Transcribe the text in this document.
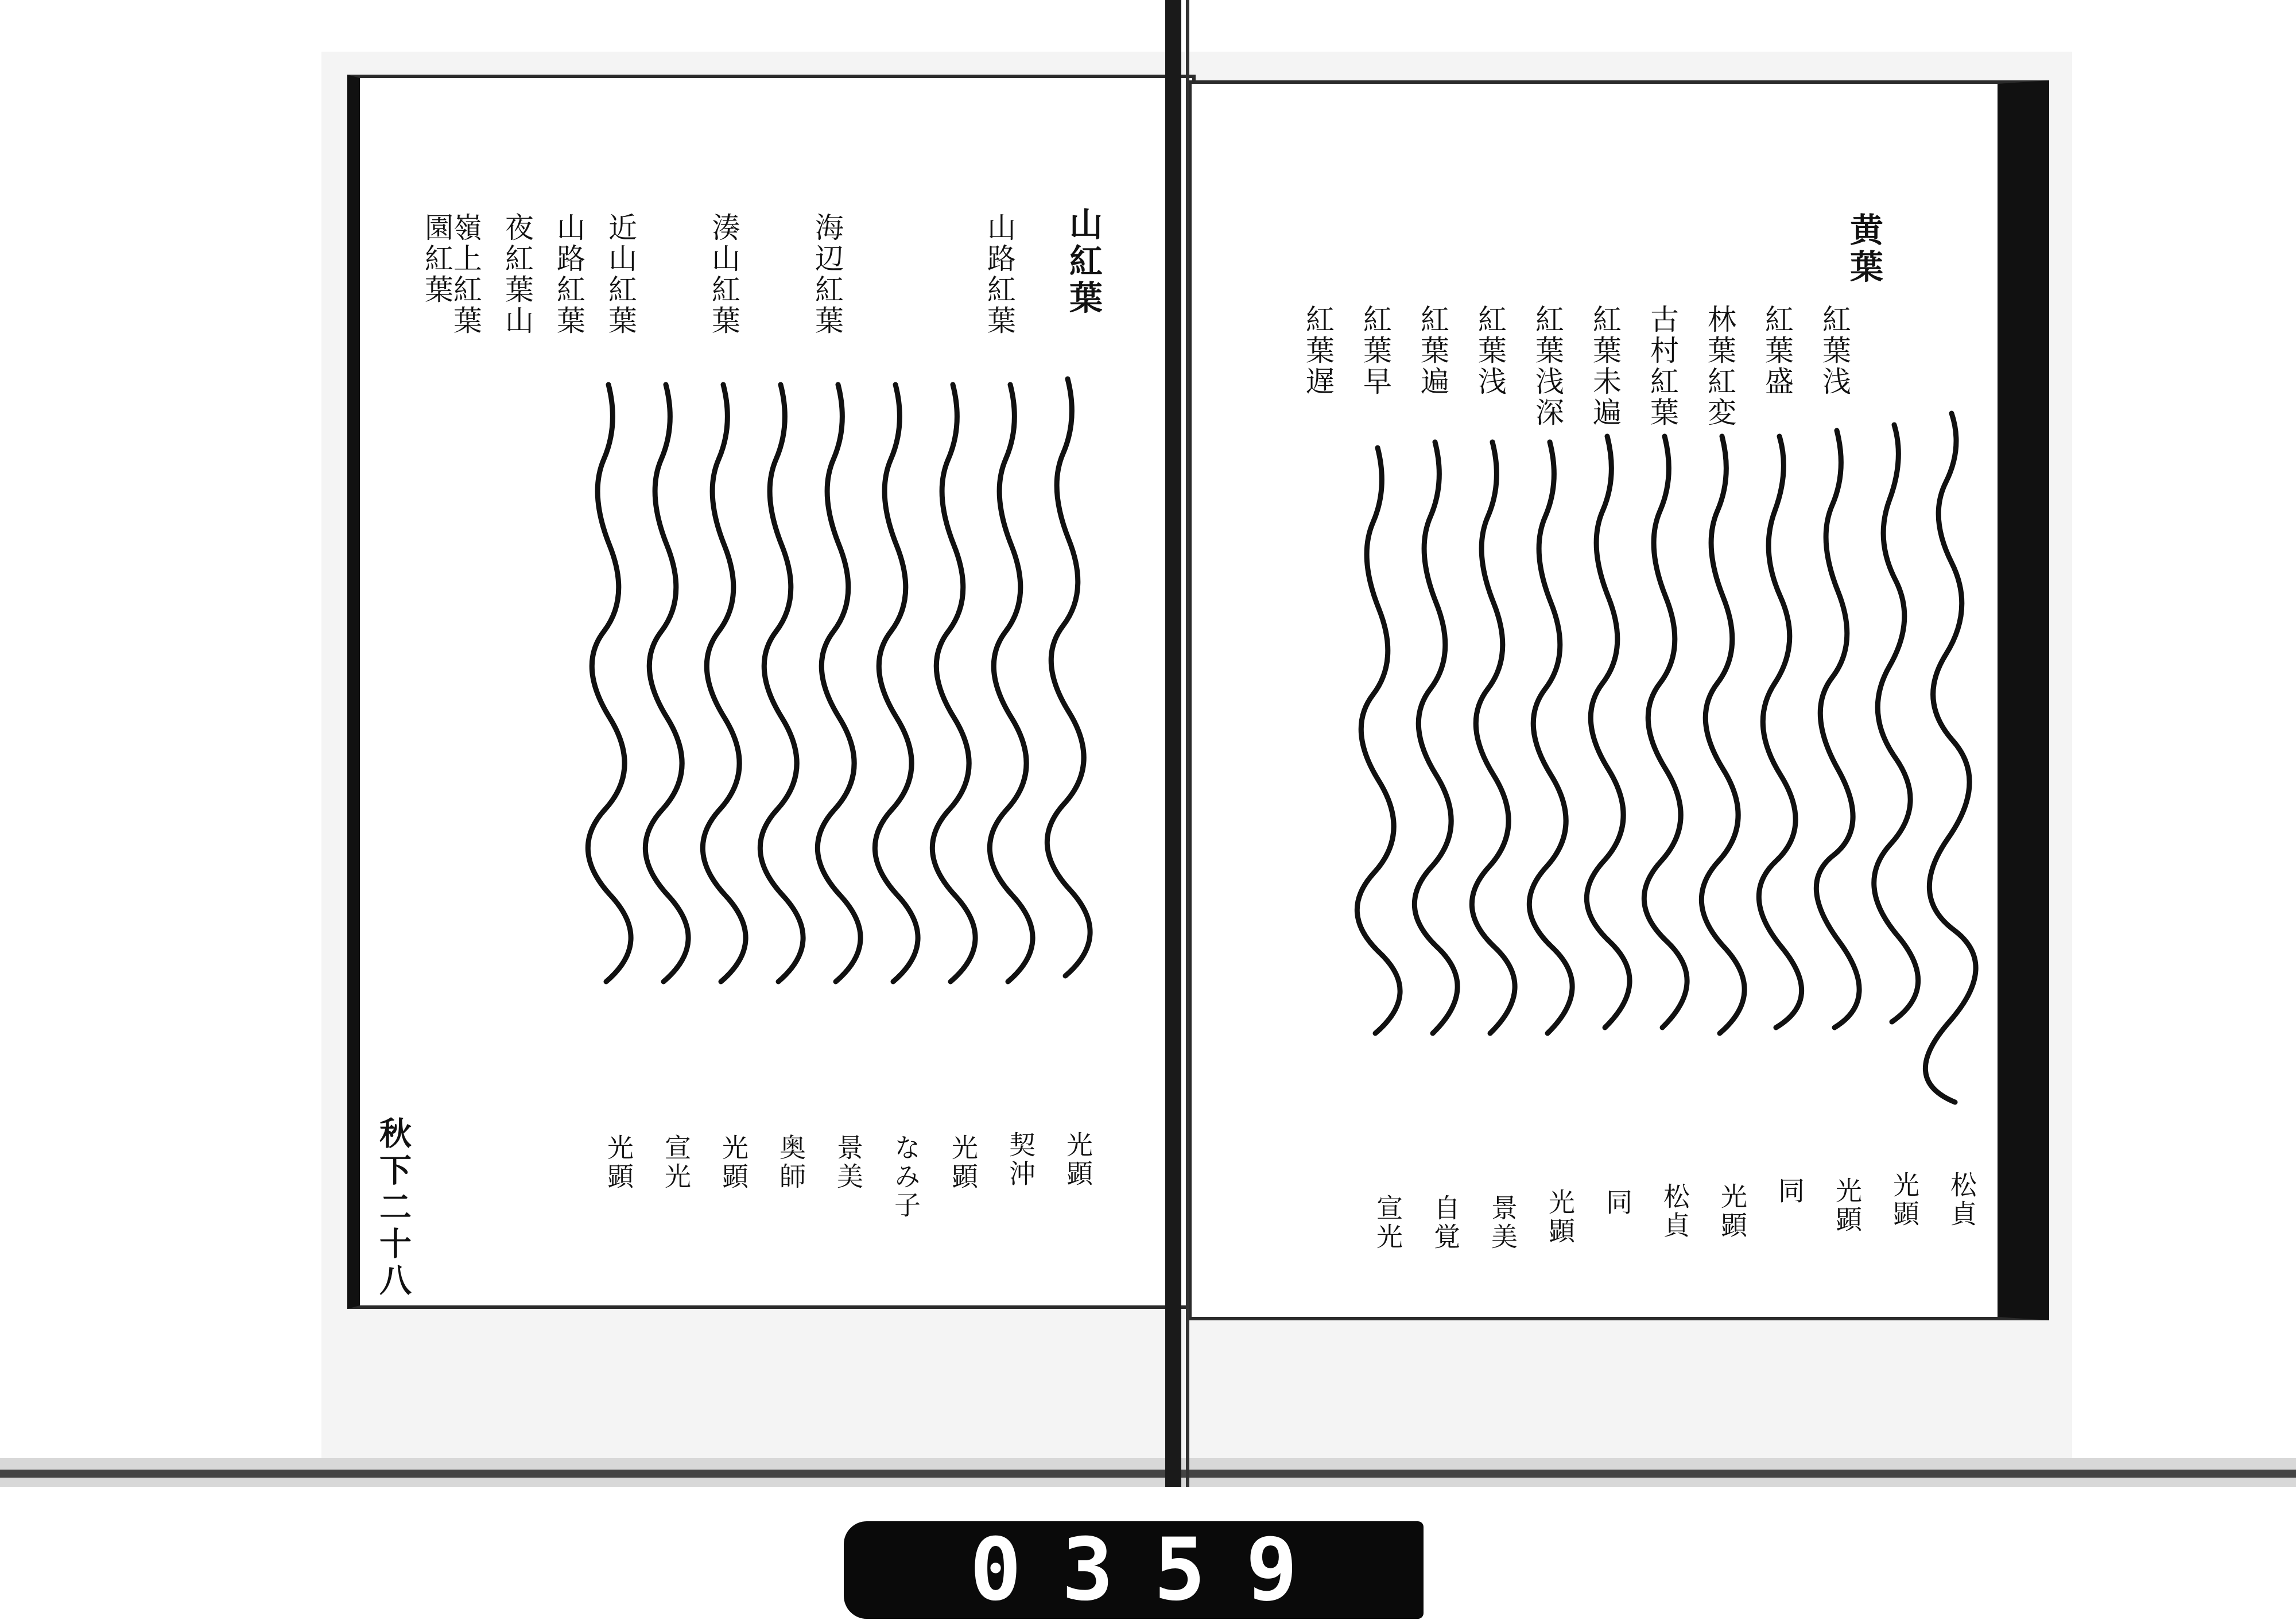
黄葉
紅葉浅
紅葉盛
林葉紅変
古村紅葉
紅葉未遍
紅葉浅深
紅葉浅
紅葉遍
紅葉早
紅葉遅
松貞
光顕
光顕
同
光顕
松貞
同
光顕
景美
自覚
宣光
山紅葉
山路紅葉
海辺紅葉
湊山紅葉
近山紅葉
山路紅葉
夜紅葉山
嶺上紅葉
園紅葉
光顕
契沖
光顕
なみ子
景美
奥師
光顕
宣光
光顕
秋下二十八
0359
